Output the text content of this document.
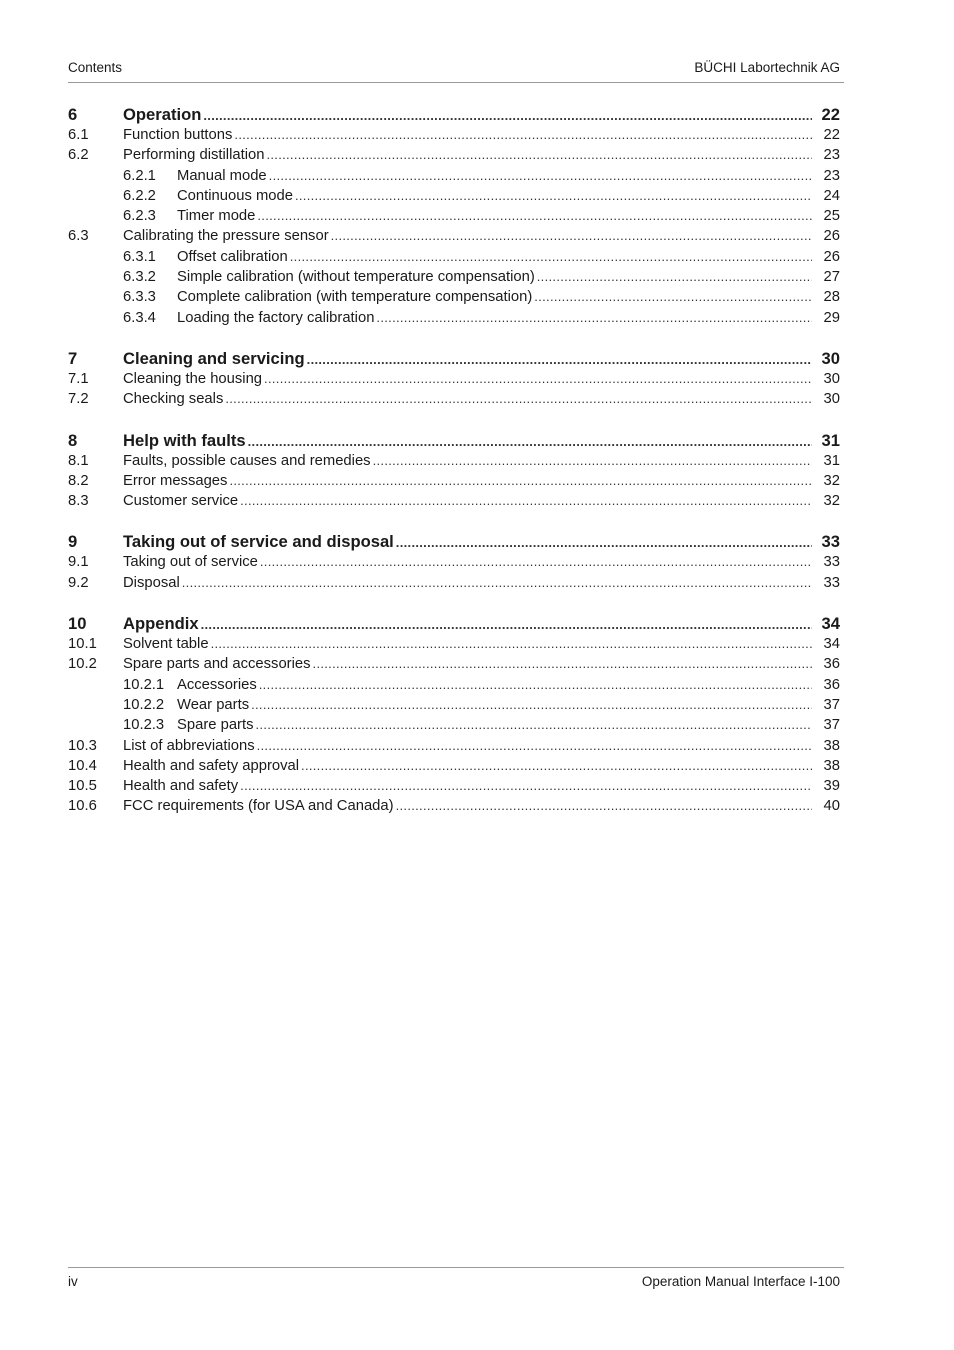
Contents	BÜCHI Labortechnik AG
6	Operation .....	22
6.1 Function buttons .....	22
6.2 Performing distillation .....	23
6.2.1 Manual mode .....	23
6.2.2 Continuous mode .....	24
6.2.3 Timer mode .....	25
6.3 Calibrating the pressure sensor .....	26
6.3.1 Offset calibration .....	26
6.3.2 Simple calibration (without temperature compensation) .....	27
6.3.3 Complete calibration (with temperature compensation) .....	28
6.3.4 Loading the factory calibration .....	29
7	Cleaning and servicing .....	30
7.1 Cleaning the housing .....	30
7.2 Checking seals .....	30
8	Help with faults .....	31
8.1 Faults, possible causes and remedies .....	31
8.2 Error messages .....	32
8.3 Customer service .....	32
9	Taking out of service and disposal .....	33
9.1 Taking out of service .....	33
9.2 Disposal .....	33
10 Appendix .....	34
10.1 Solvent table .....	34
10.2 Spare parts and accessories .....	36
10.2.1 Accessories .....	36
10.2.2 Wear parts .....	37
10.2.3 Spare parts .....	37
10.3 List of abbreviations .....	38
10.4 Health and safety approval .....	38
10.5 Health and safety .....	39
10.6 FCC requirements (for USA and Canada) .....	40
iv	Operation Manual Interface I-100
